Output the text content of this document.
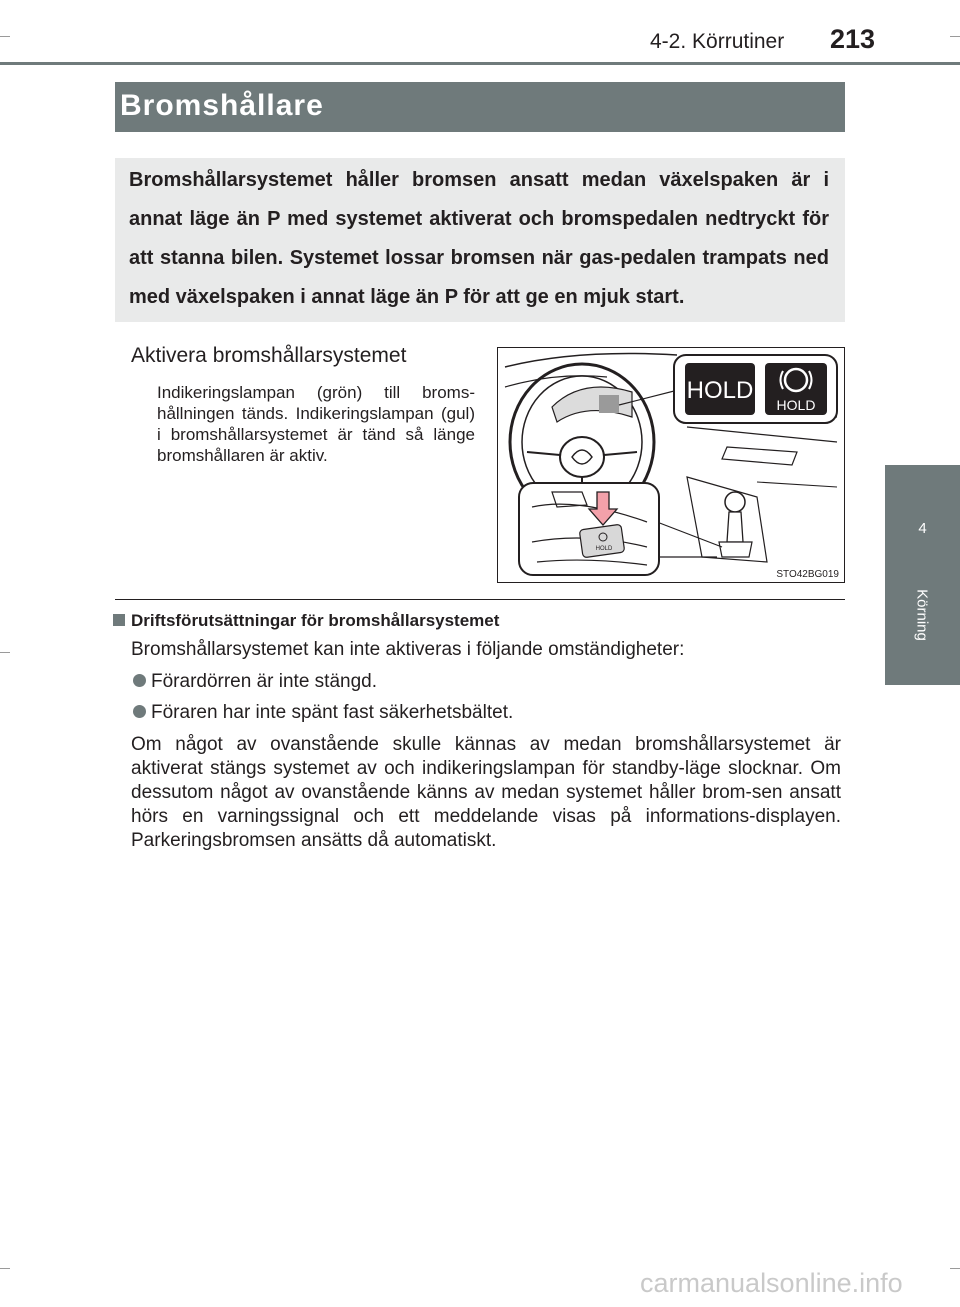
4-2. Körrutiner 213
4
Körning
Bromshållare
Bromshållarsystemet håller bromsen ansatt medan växelspaken är i annat läge än P med systemet aktiverat och bromspedalen nedtryckt för att stanna bilen. Systemet lossar bromsen när gas-pedalen trampats ned med växelspaken i annat läge än P för att ge en mjuk start.
Aktivera bromshållarsystemet
Indikeringslampan (grön) till broms-hållningen tänds. Indikeringslampan (gul) i bromshållarsystemet är tänd så länge bromshållaren är aktiv.
HOLD
HOLD
HOLD
STO42BG019
Driftsförutsättningar för bromshållarsystemet
Bromshållarsystemet kan inte aktiveras i följande omständigheter:
Förardörren är inte stängd.
Föraren har inte spänt fast säkerhetsbältet.
Om något av ovanstående skulle kännas av medan bromshållarsystemet är aktiverat stängs systemet av och indikeringslampan för standby-läge slocknar. Om dessutom något av ovanstående känns av medan systemet håller brom-sen ansatt hörs en varningssignal och ett meddelande visas på informations-displayen. Parkeringsbromsen ansätts då automatiskt.
carmanualsonline.info
